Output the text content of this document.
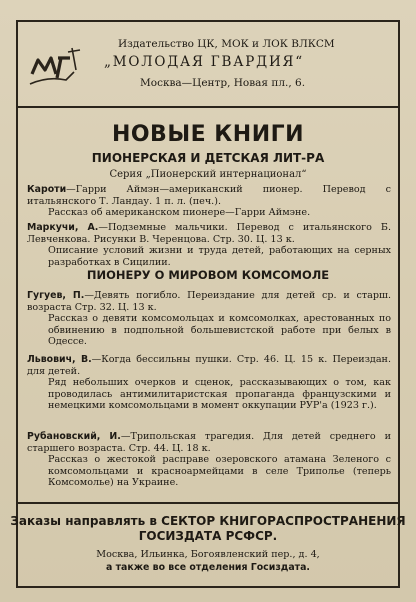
Издательство ЦК, МОК и ЛОК ВЛКСМ
„МОЛОДАЯ ГВАРДИЯ“
Москва—Центр, Новая пл., 6.
НОВЫЕ КНИГИ
ПИОНЕРСКАЯ И ДЕТСКАЯ ЛИТ-РА
Серия „Пионерский интернационал“
Кароти—Гарри Аймэн—американский пионер. Перевод с итальянского Т. Ландау. 1 п. л. (печ.).
Рассказ об американском пионере—Гарри Аймэне.
Маркучи, А.—Подземные мальчики. Перевод с итальянского Б. Левченкова. Рисунки В. Черенцова. Стр. 30. Ц. 13 к.
Описание условий жизни и труда детей, работающих на серных разработках в Сицилии.
ПИОНЕРУ О МИРОВОМ КОМСОМОЛЕ
Гугуев, П.—Девять погибло. Переиздание для детей ср. и старш. возраста Стр. 32. Ц. 13 к.
Рассказ о девяти комсомольцах и комсомолках, арестованных по обвинению в подпольной большевистской работе при белых в Одессе.
Львович, В.—Когда бессильны пушки. Стр. 46. Ц. 15 к. Переиздан. для детей.
Ряд небольших очерков и сценок, рассказывающих о том, как проводилась антимилитаристская пропаганда французскими и немецкими комсомольцами в момент оккупации РУР'а (1923 г.).
Рубановский, И.—Трипольская трагедия. Для детей среднего и старшего возраста. Стр. 44. Ц. 18 к.
Рассказ о жестокой расправе озеровского атамана Зеленого с комсомольцами и красноармейцами в селе Триполье (теперь Комсомолье) на Украине.
Заказы направлять в СЕКТОР КНИГОРАСПРОСТРАНЕНИЯ ГОСИЗДАТА РСФСР.
Москва, Ильинка, Богоявленский пер., д. 4,
а также во все отделения Госиздата.
